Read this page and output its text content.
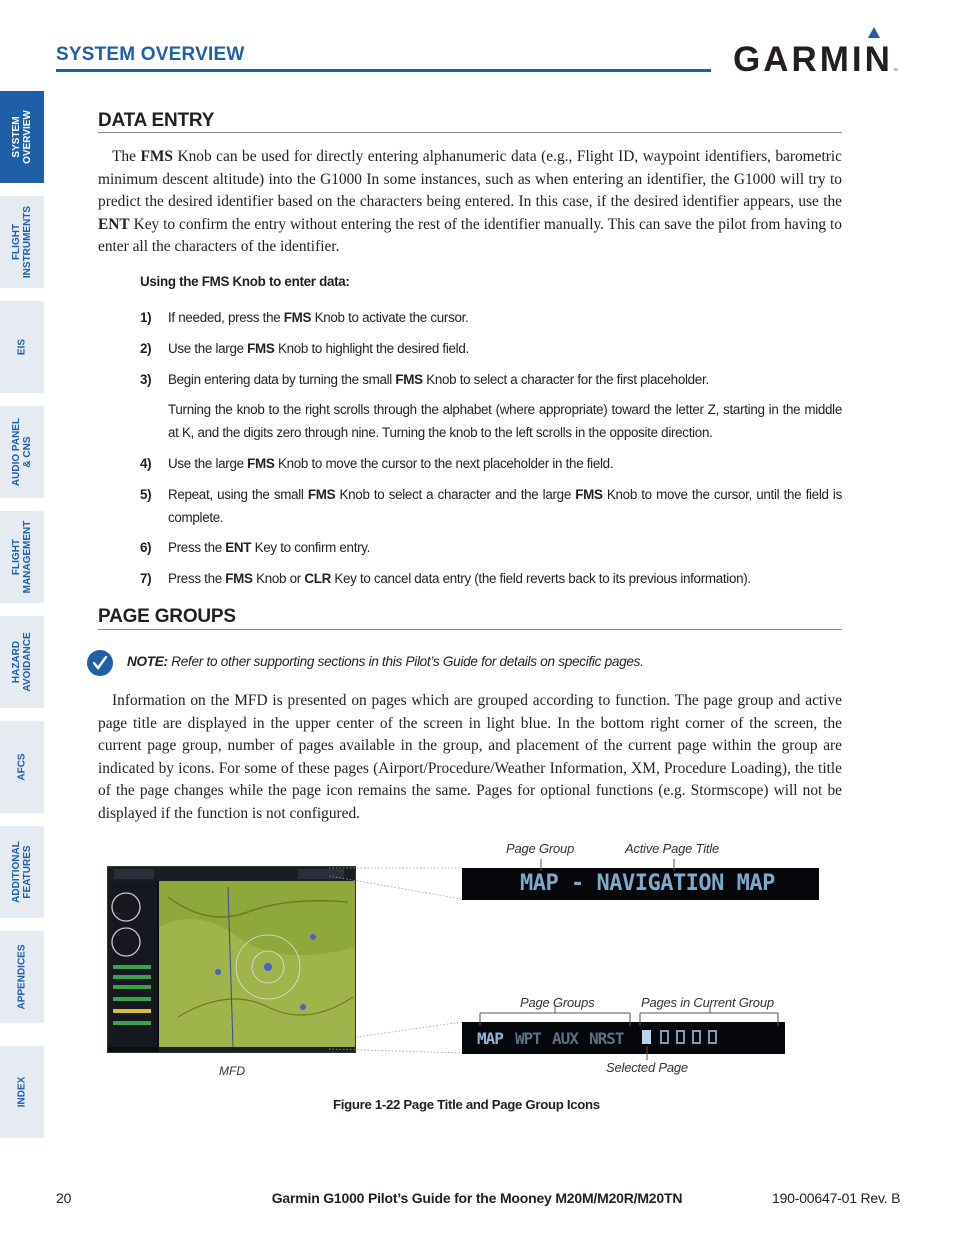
SYSTEM OVERVIEW	GARMIN ™
SYSTEM
OVERVIEW
FLIGHT
INSTRUMENTS
EIS
AUDIO PANEL
& CNS
FLIGHT
MANAGEMENT
HAZARD
AVOIDANCE
AFCS
ADDITIONAL
FEATURES
APPENDICES
INDEX
DATA ENTRY
The FMS Knob can be used for directly entering alphanumeric data (e.g., Flight ID, waypoint identifiers, barometric minimum descent altitude) into the G1000 In some instances, such as when entering an identifier, the G1000 will try to predict the desired identifier based on the characters being entered. In this case, if the desired identifier appears, use the ENT Key to confirm the entry without entering the rest of the identifier manually. This can save the pilot from having to enter all the characters of the identifier.
Using the FMS Knob to enter data:
1) If needed, press the FMS Knob to activate the cursor.
2) Use the large FMS Knob to highlight the desired field.
3) Begin entering data by turning the small FMS Knob to select a character for the first placeholder.
Turning the knob to the right scrolls through the alphabet (where appropriate) toward the letter Z, starting in the middle at K, and the digits zero through nine. Turning the knob to the left scrolls in the opposite direction.
4) Use the large FMS Knob to move the cursor to the next placeholder in the field.
5) Repeat, using the small FMS Knob to select a character and the large FMS Knob to move the cursor, until the field is complete.
6) Press the ENT Key to confirm entry.
7) Press the FMS Knob or CLR Key to cancel data entry (the field reverts back to its previous information).
PAGE GROUPS
NOTE: Refer to other supporting sections in this Pilot’s Guide for details on specific pages.
Information on the MFD is presented on pages which are grouped according to function. The page group and active page title are displayed in the upper center of the screen in light blue. In the bottom right corner of the screen, the current page group, number of pages available in the group, and placement of the current page within the group are indicated by icons. For some of these pages (Airport/Procedure/Weather Information, XM, Procedure Loading), the title of the page changes while the page icon remains the same. Pages for optional functions (e.g. Stormscope) will not be displayed if the function is not configured.
MFD
Page Group	Active Page Title
MAP - NAVIGATION MAP
Page Groups	Pages in Current Group
MAP WPT AUX NRST
Selected Page
Figure 1-22 Page Title and Page Group Icons
20	Garmin G1000 Pilot’s Guide for the Mooney M20M/M20R/M20TN	190-00647-01 Rev. B
